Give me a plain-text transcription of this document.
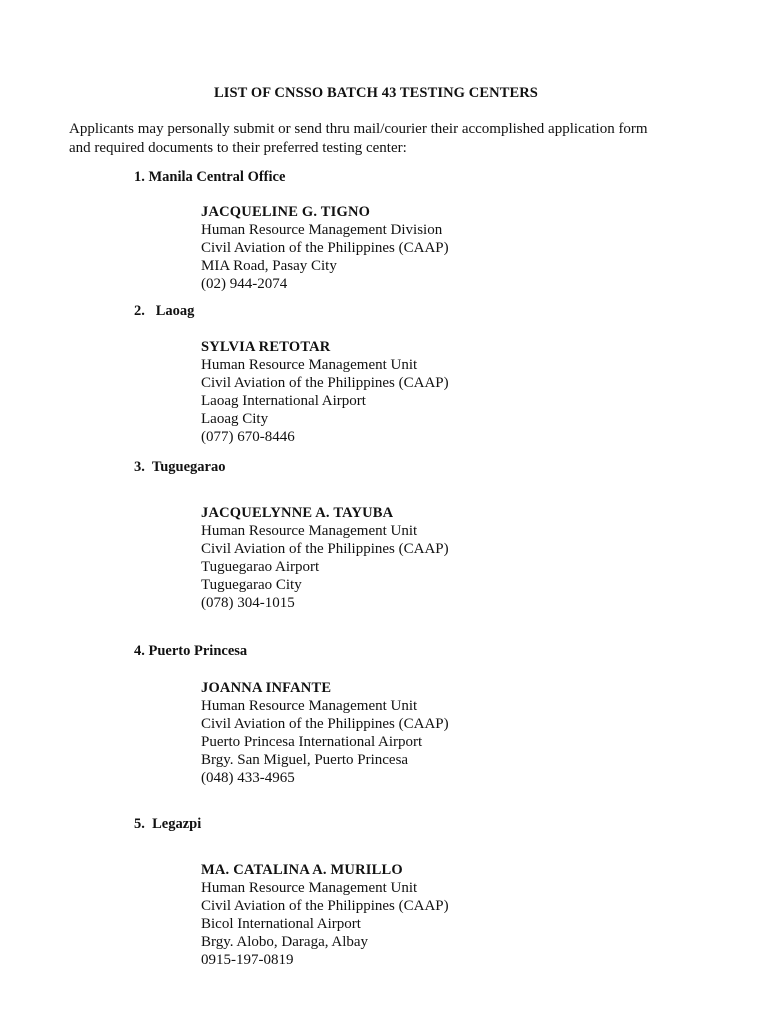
LIST OF CNSSO BATCH 43 TESTING CENTERS
Applicants may personally submit or send thru mail/courier their accomplished application form and required documents to their preferred testing center:
1. Manila Central Office
JACQUELINE G. TIGNO
Human Resource Management Division
Civil Aviation of the Philippines (CAAP)
MIA Road, Pasay City
(02) 944-2074
2.   Laoag
SYLVIA RETOTAR
Human Resource Management Unit
Civil Aviation of the Philippines (CAAP)
Laoag International Airport
Laoag City
(077) 670-8446
3.  Tuguegarao
JACQUELYNNE A. TAYUBA
Human Resource Management Unit
Civil Aviation of the Philippines (CAAP)
Tuguegarao Airport
Tuguegarao City
(078) 304-1015
4. Puerto Princesa
JOANNA INFANTE
Human Resource Management Unit
Civil Aviation of the Philippines (CAAP)
Puerto Princesa International Airport
Brgy. San Miguel, Puerto Princesa
(048) 433-4965
5.  Legazpi
MA. CATALINA A. MURILLO
Human Resource Management Unit
Civil Aviation of the Philippines (CAAP)
Bicol International Airport
Brgy. Alobo, Daraga, Albay
0915-197-0819
